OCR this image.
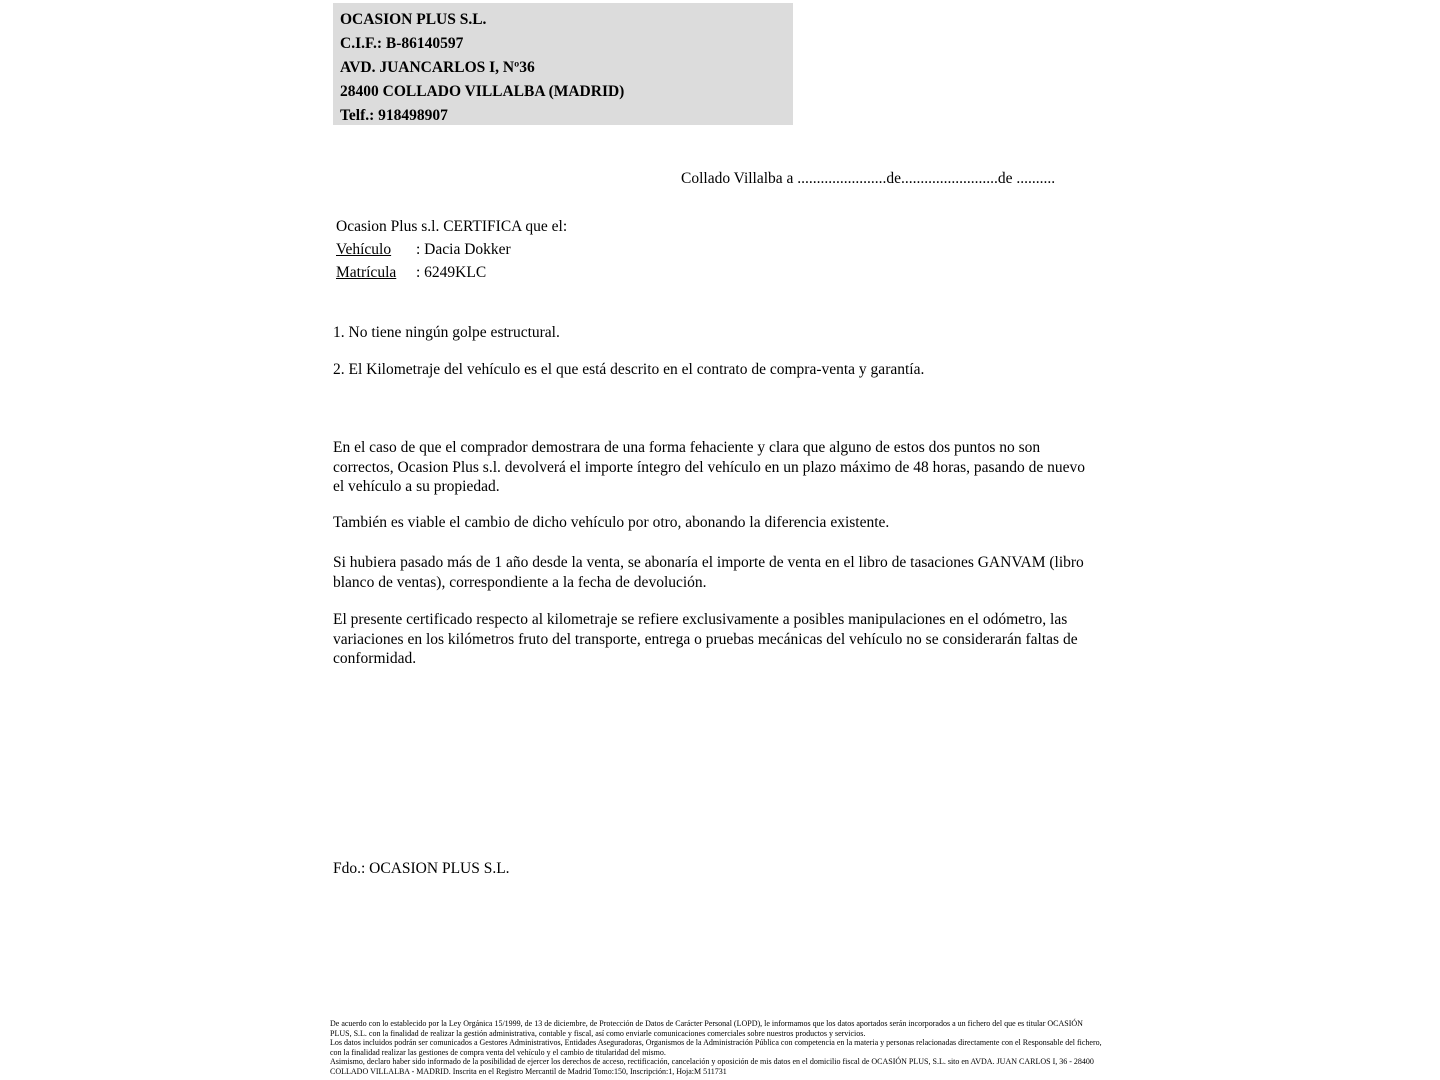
OCASION PLUS S.L.
C.I.F.: B-86140597
AVD. JUANCARLOS I, Nº36
28400 COLLADO VILLALBA (MADRID)
Telf.: 918498907
Collado Villalba a .......................de.........................de ..........
Ocasion Plus s.l. CERTIFICA que el:
Vehículo : Dacia Dokker
Matrícula : 6249KLC
1. No tiene ningún golpe estructural.
2. El Kilometraje del vehículo es el que está descrito en el contrato de compra-venta y garantía.
En el caso de que el comprador demostrara de una forma fehaciente y clara que alguno de estos dos puntos no son correctos, Ocasion Plus s.l. devolverá el importe íntegro del vehículo en un plazo máximo de 48 horas, pasando de nuevo el vehículo a su propiedad.
También es viable el cambio de dicho vehículo por otro, abonando la diferencia existente.
Si hubiera pasado más de 1 año desde la venta, se abonaría el importe de venta en el libro de tasaciones GANVAM (libro blanco de ventas), correspondiente a la fecha de devolución.
El presente certificado respecto al kilometraje se refiere exclusivamente a posibles manipulaciones en el odómetro, las variaciones en los kilómetros fruto del transporte, entrega o pruebas mecánicas del vehículo no se considerarán faltas de conformidad.
Fdo.: OCASION PLUS S.L.
De acuerdo con lo establecido por la Ley Orgánica 15/1999, de 13 de diciembre, de Protección de Datos de Carácter Personal (LOPD), le informamos que los datos aportados serán incorporados a un fichero del que es titular OCASIÓN PLUS, S.L. con la finalidad de realizar la gestión administrativa, contable y fiscal, así como enviarle comunicaciones comerciales sobre nuestros productos y servicios.
Los datos incluidos podrán ser comunicados a Gestores Administrativos, Entidades Aseguradoras, Organismos de la Administración Pública con competencia en la materia y personas relacionadas directamente con el Responsable del fichero, con la finalidad realizar las gestiones de compra venta del vehículo y el cambio de titularidad del mismo.
Asimismo, declaro haber sido informado de la posibilidad de ejercer los derechos de acceso, rectificación, cancelación y oposición de mis datos en el domicilio fiscal de OCASIÓN PLUS, S.L. sito en AVDA. JUAN CARLOS I, 36 - 28400 COLLADO VILLALBA - MADRID. Inscrita en el Registro Mercantil de Madrid Tomo:150, Inscripción:1, Hoja:M 511731
